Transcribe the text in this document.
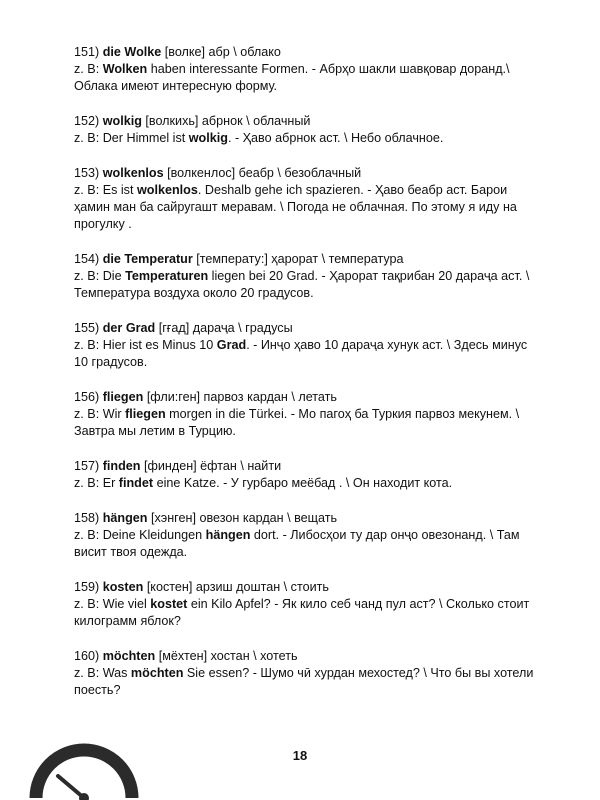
151) die Wolke [волке] абр \ облако

z. B: Wolken haben interessante Formen. - Абрҳо шакли шавқовар доранд.\ Облака имеют интересную форму.

152) wolkig [волкихь] абрнок \ облачный

z. B: Der Himmel ist wolkig. - Ҳаво абрнок аст. \ Небо облачное.

153) wolkenlos [волкенлос] беабр \ безоблачный

z. B: Es ist wolkenlos. Deshalb gehe ich spazieren. - Ҳаво беабр аст. Барои ҳамин ман ба сайругашт меравам. \ Погода не облачная. По этому я иду на прогулку .

154) die Temperatur [температу:] ҳарорат \ температура

z. B: Die Temperaturen liegen bei 20 Grad. - Ҳарорат тақрибан 20 дараҷа аст. \ Температура воздуха около 20 градусов.

155) der Grad [гғад] дараҷа \ градусы

z. B: Hier ist es Minus 10 Grad. - Инҷо ҳаво 10 дараҷа хунук аст. \ Здесь минус 10 градусов.

156) fliegen [фли:ген] парвоз кардан \ летать

z. B: Wir fliegen morgen in die Türkei. - Мо пагоҳ ба Туркия парвоз мекунем. \ Завтра мы летим в Турцию.

157) finden [финден] ёфтан \ найти

z. B: Er findet eine Katze. - У гурбаро меёбад . \ Он находит кота.

158) hängen [хэнген] овезон кардан \ вещать

z. B: Deine Kleidungen hängen dort. - Либосҳои ту дар онҷо овезонанд. \ Там висит твоя одежда.

159) kosten [костен] арзиш доштан \ стоить

z. B: Wie viel kostet ein Kilo Apfel? - Як кило себ чанд пул аст? \ Сколько стоит килограмм яблок?

160) möchten [мёхтен] хостан \ хотеть

z. B: Was möchten Sie essen? - Шумо чӣ хурдан мехостед? \ Что бы вы хотели поесть?

18
